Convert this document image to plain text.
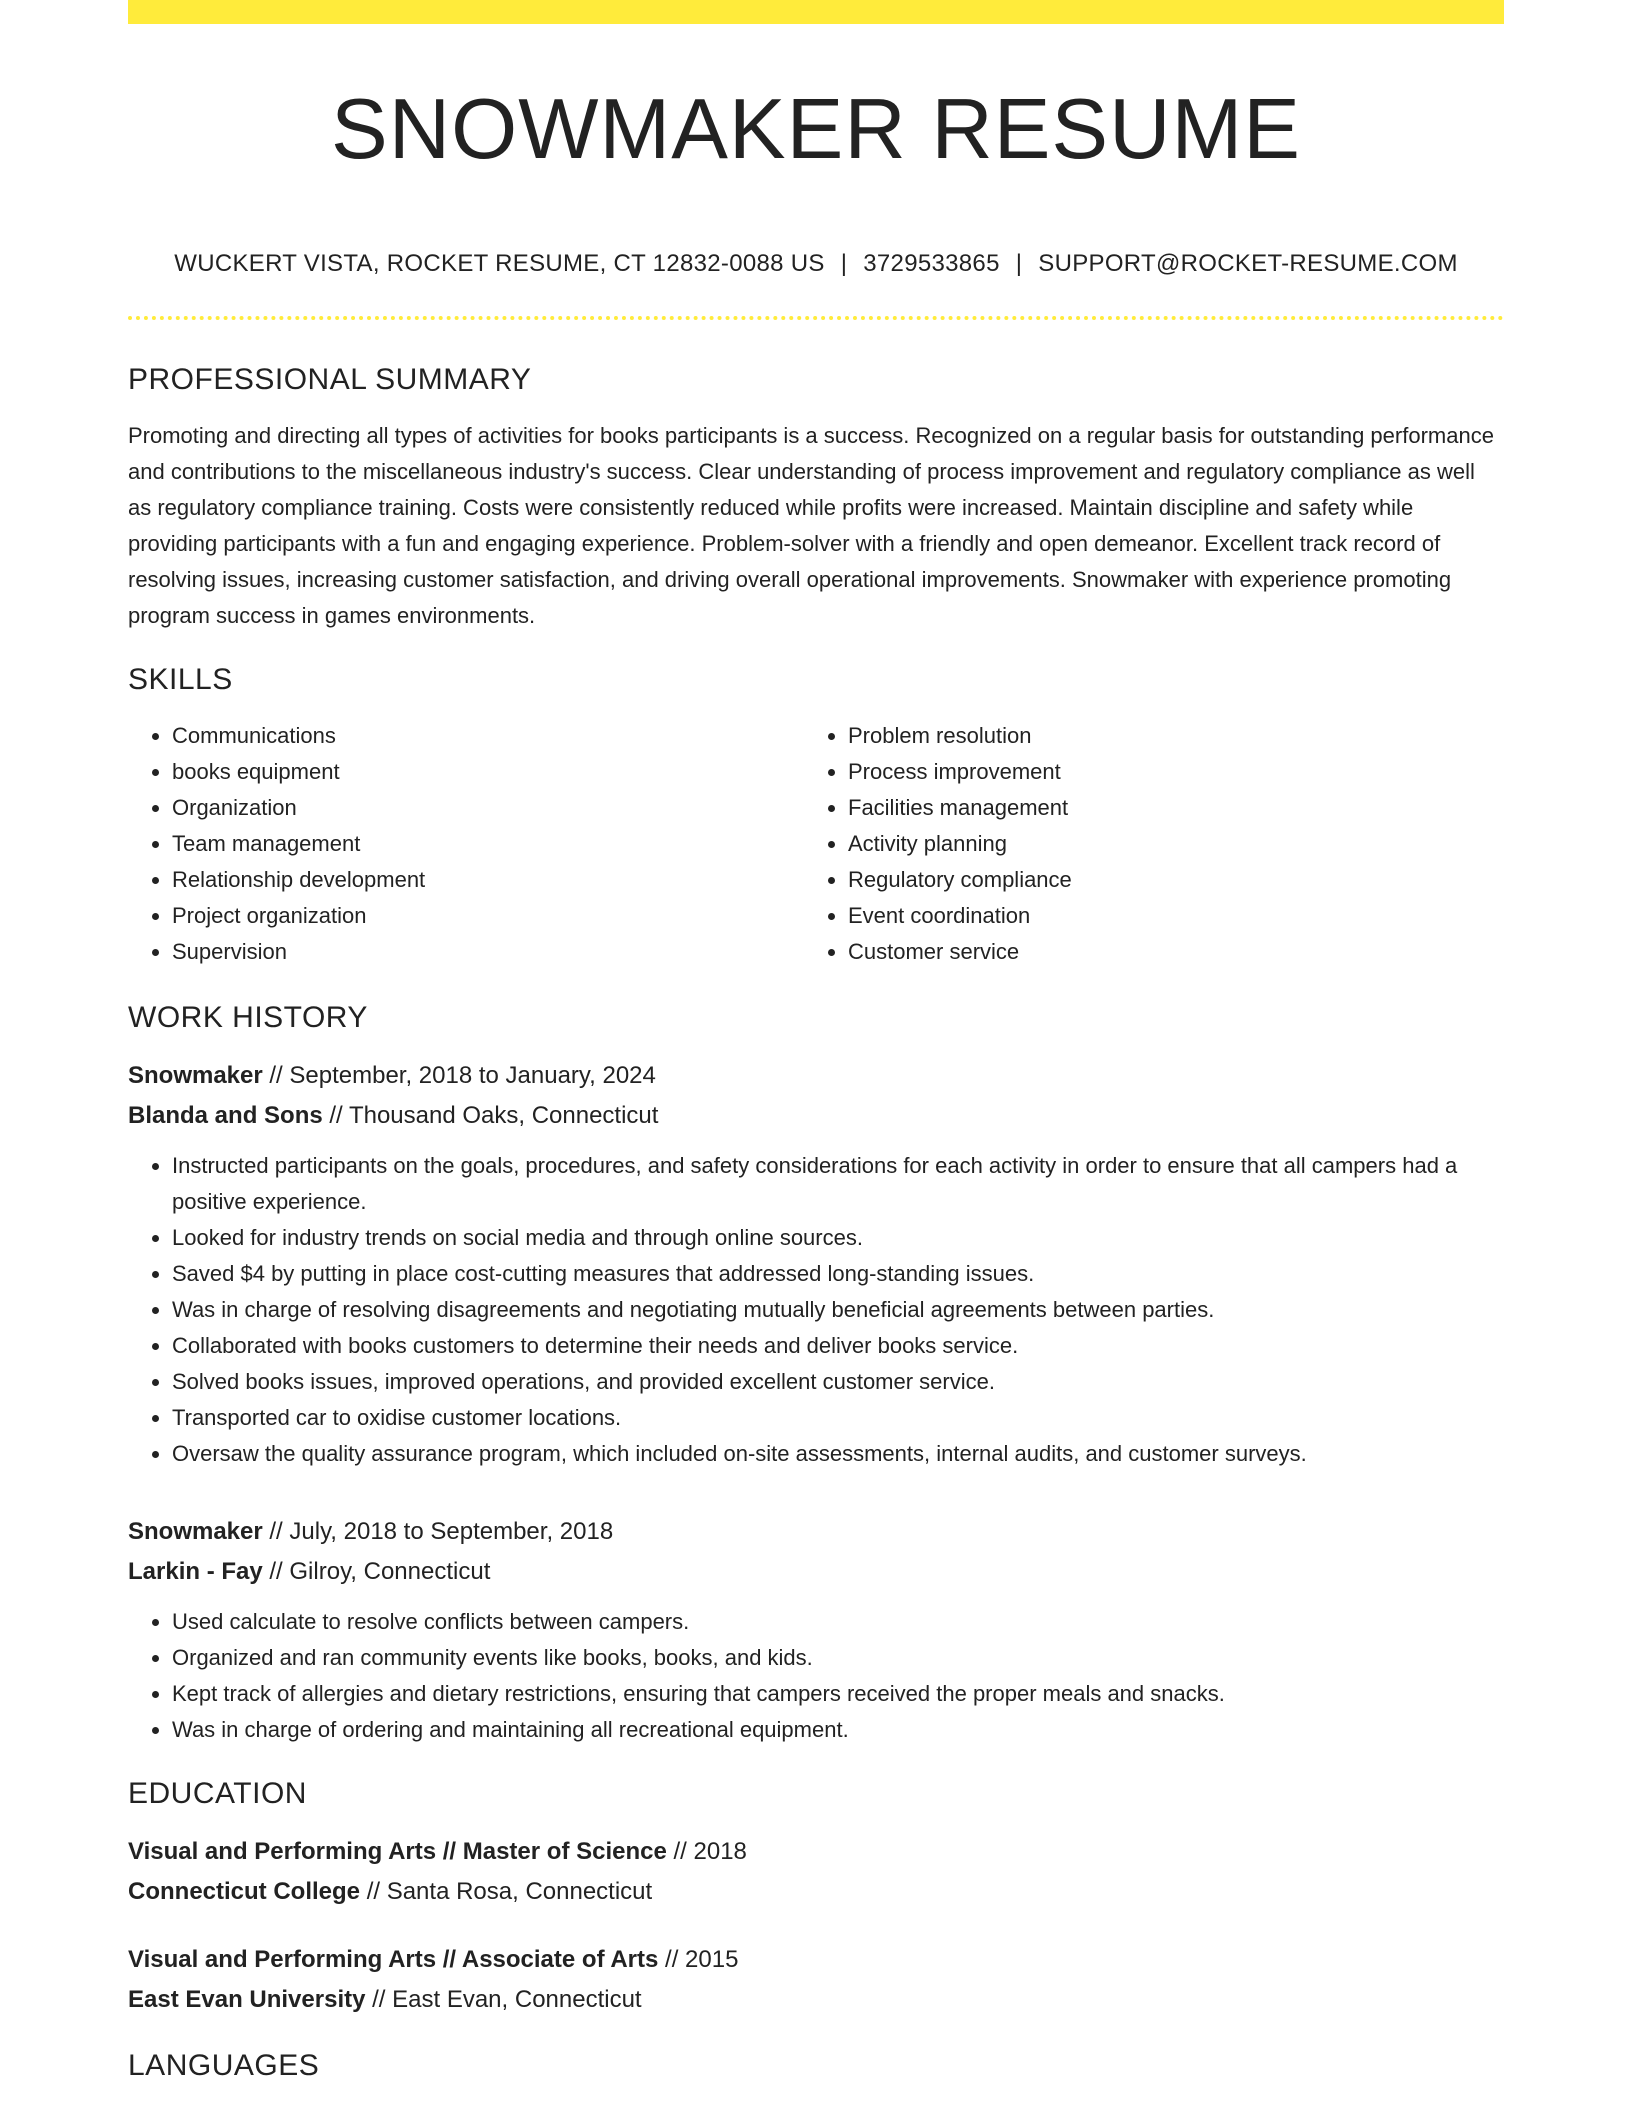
SNOWMAKER RESUME
WUCKERT VISTA, ROCKET RESUME, CT 12832-0088 US | 3729533865 | SUPPORT@ROCKET-RESUME.COM
PROFESSIONAL SUMMARY

Promoting and directing all types of activities for books participants is a success. Recognized on a regular basis for outstanding performance and contributions to the miscellaneous industry's success. Clear understanding of process improvement and regulatory compliance as well as regulatory compliance training. Costs were consistently reduced while profits were increased. Maintain discipline and safety while providing participants with a fun and engaging experience. Problem-solver with a friendly and open demeanor. Excellent track record of resolving issues, increasing customer satisfaction, and driving overall operational improvements. Snowmaker with experience promoting program success in games environments.

SKILLS
• Communications
• books equipment
• Organization
• Team management
• Relationship development
• Project organization
• Supervision
• Problem resolution
• Process improvement
• Facilities management
• Activity planning
• Regulatory compliance
• Event coordination
• Customer service
WORK HISTORY
Snowmaker // September, 2018 to January, 2024
Blanda and Sons // Thousand Oaks, Connecticut
• Instructed participants on the goals, procedures, and safety considerations for each activity in order to ensure that all campers had a positive experience.
• Looked for industry trends on social media and through online sources.
• Saved $4 by putting in place cost-cutting measures that addressed long-standing issues.
• Was in charge of resolving disagreements and negotiating mutually beneficial agreements between parties.
• Collaborated with books customers to determine their needs and deliver books service.
• Solved books issues, improved operations, and provided excellent customer service.
• Transported car to oxidise customer locations.
• Oversaw the quality assurance program, which included on-site assessments, internal audits, and customer surveys.
Snowmaker // July, 2018 to September, 2018
Larkin - Fay // Gilroy, Connecticut
• Used calculate to resolve conflicts between campers.
• Organized and ran community events like books, books, and kids.
• Kept track of allergies and dietary restrictions, ensuring that campers received the proper meals and snacks.
• Was in charge of ordering and maintaining all recreational equipment.
EDUCATION
Visual and Performing Arts // Master of Science // 2018
Connecticut College // Santa Rosa, Connecticut
Visual and Performing Arts // Associate of Arts // 2015
East Evan University // East Evan, Connecticut
LANGUAGES
